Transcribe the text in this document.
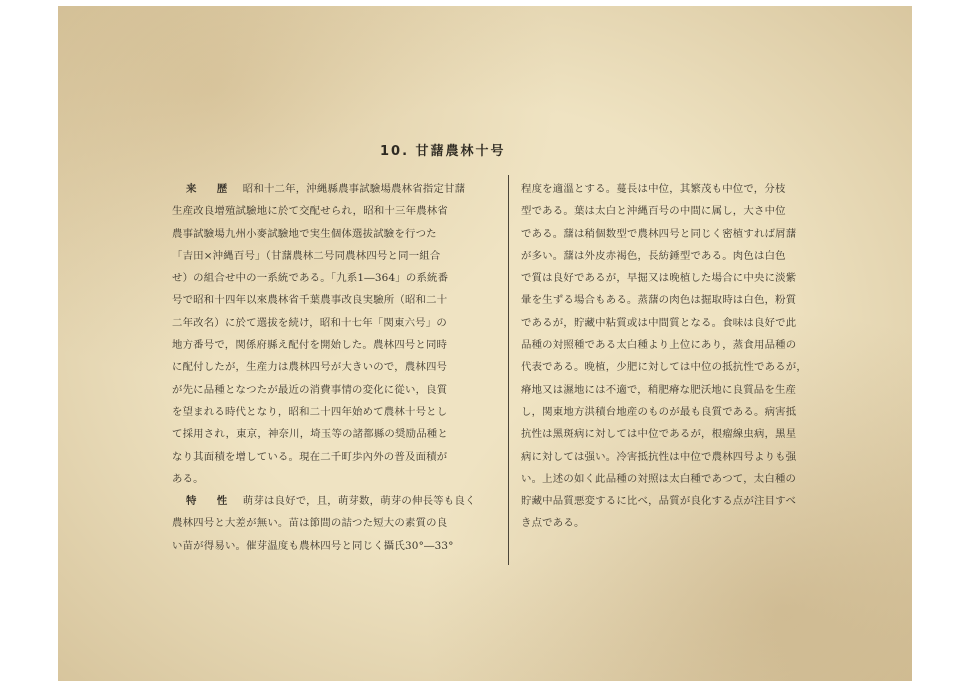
10. 甘藷農林十号
来　歴　 昭和十二年，沖縄縣農事試驗場農林省指定甘藷
生産改良增殖試驗地に於て交配せられ，昭和十三年農林省
農事試驗場九州小麥試驗地で実生個体選拔試驗を行つた
「吉田×沖縄百号」（甘藷農林二号同農林四号と同一組合
せ）の組合せ中の一系統である。「九系1―364」の系統番
号で昭和十四年以來農林省千葉農事改良実驗所（昭和二十
二年改名）に於て選拔を続け，昭和十七年「関東六号」の
地方番号で，関係府縣え配付を開始した。農林四号と同時
に配付したが，生産力は農林四号が大きいので，農林四号
が先に品種となつたが最近の消費事情の変化に從い，良質
を望まれる時代となり，昭和二十四年始めて農林十号とし
て採用され，東京，神奈川，埼玉等の諸都縣の奨励品種と
なり其面積を增している。現在二千町歩內外の普及面積が
ある。
特　性　 萌芽は良好で，且，萌芽数，萌芽の伸長等も良く
農林四号と大差が無い。苗は節間の詰つた短大の素質の良
い苗が得易い。催芽温度も農林四号と同じく攝氏30°―33°
程度を適溫とする。蔓長は中位，其繁茂も中位で，分枝
型である。葉は太白と沖縄百号の中間に属し，大さ中位
である。藷は稍個数型で農林四号と同じく密植すれば屑藷
が多い。藷は外皮赤褐色，長紡錘型である。肉色は白色
で質は良好であるが，早掘又は晚植した場合に中央に淡紫
暈を生ずる場合もある。蒸藷の肉色は掘取時は白色，粉質
であるが，貯藏中粘質或は中間質となる。食味は良好で此
品種の対照種である太白種より上位にあり，蒸食用品種の
代表である。晚植，少肥に対しては中位の抵抗性であるが，
瘠地又は濕地には不適で，稍肥瘠な肥沃地に良質品を生産
し，関東地方洪積台地産のものが最も良質である。病害抵
抗性は黑斑病に対しては中位であるが，根瘤線虫病，黑星
病に対しては强い。冷害抵抗性は中位で農林四号よりも强
い。上述の如く此品種の対照は太白種であつて，太白種の
貯藏中品質悪変するに比べ，品質が良化する点が注目すべ
き点である。
